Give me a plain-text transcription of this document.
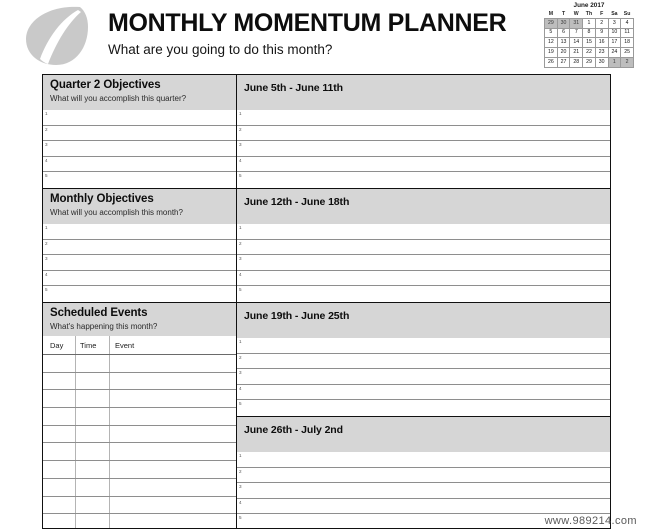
MONTHLY MOMENTUM PLANNER
What are you going to do this month?
June 2017
M	T	W	Th	F	Sa	Su
29	30	31	1	2	3	4
5	6	7	8	9	10	11
12	13	14	15	16	17	18
19	20	21	22	23	24	25
26	27	28	29	30	1	2
Quarter 2 Objectives
What will you accomplish this quarter?
1
2
3
4
5
Monthly Objectives
What will you accomplish this month?
1
2
3
4
5
Scheduled Events
What's happening this month?
Day Time Event
June 5th - June 11th
1
2
3
4
5
June 12th - June 18th
1
2
3
4
5
June 19th - June 25th
1
2
3
4
5
June 26th - July 2nd
1
2
3
4
5	www.989214.com
